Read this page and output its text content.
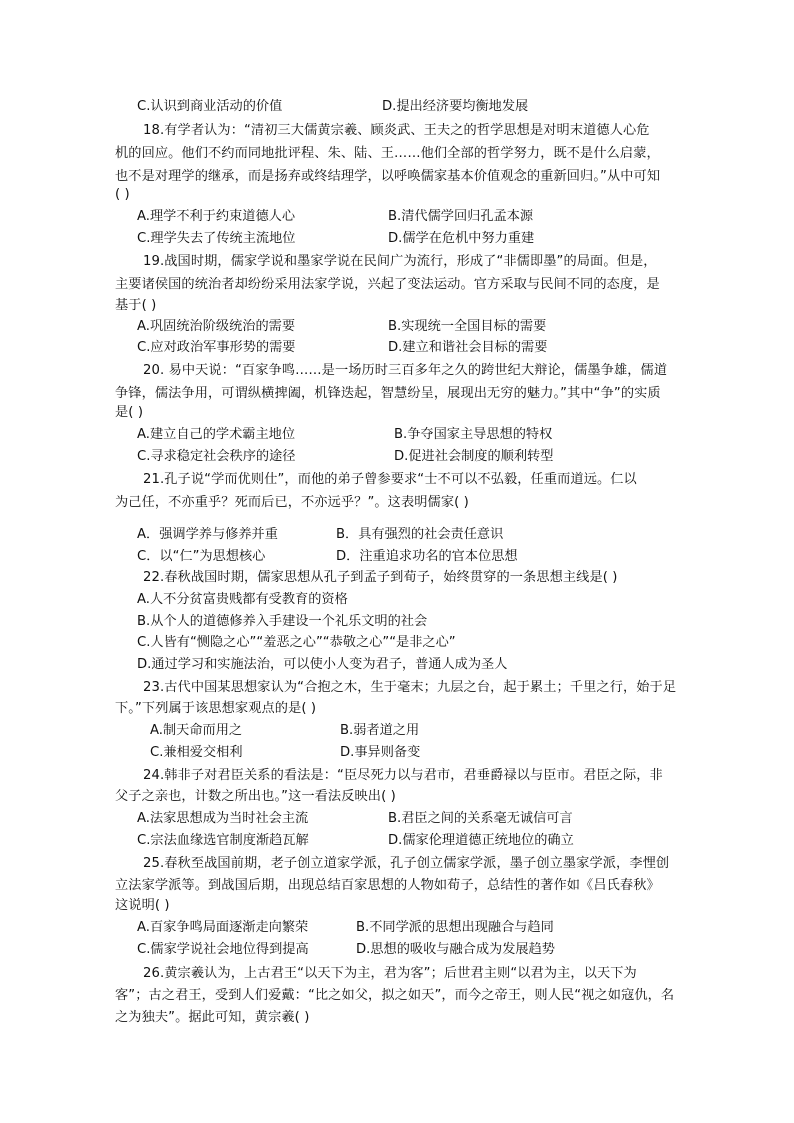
C.认识到商业活动的价值	D.提出经济要均衡地发展
18.有学者认为：“清初三大儒黄宗羲、顾炎武、王夫之的哲学思想是对明末道德人心危
机的回应。他们不约而同地批评程、朱、陆、王……他们全部的哲学努力，既不是什么启蒙，
也不是对理学的继承，而是扬弃或终结理学，以呼唤儒家基本价值观念的重新回归。”从中可知
( )
A.理学不利于约束道德人心	B.清代儒学回归孔孟本源
C.理学失去了传统主流地位	D.儒学在危机中努力重建
19.战国时期，儒家学说和墨家学说在民间广为流行，形成了“非儒即墨”的局面。但是，
主要诸侯国的统治者却纷纷采用法家学说，兴起了变法运动。官方采取与民间不同的态度，是
基于( )
A.巩固统治阶级统治的需要	B.实现统一全国目标的需要
C.应对政治军事形势的需要	D.建立和谐社会目标的需要
20. 易中天说：“百家争鸣……是一场历时三百多年之久的跨世纪大辩论，儒墨争雄，儒道
争锋，儒法争用，可谓纵横捭阖，机锋迭起，智慧纷呈，展现出无穷的魅力。”其中“争”的实质
是( )
A.建立自己的学术霸主地位	B.争夺国家主导思想的特权
C.寻求稳定社会秩序的途径	D.促进社会制度的顺利转型
21.孔子说“学而优则仕”，而他的弟子曾参要求“士不可以不弘毅，任重而道远。仁以
为己任，不亦重乎？死而后已，不亦远乎？”。这表明儒家( )
A．强调学养与修养并重	B．具有强烈的社会责任意识
C．以“仁”为思想核心	D．注重追求功名的官本位思想
22.春秋战国时期，儒家思想从孔子到孟子到荀子，始终贯穿的一条思想主线是( )
A.人不分贫富贵贱都有受教育的资格
B.从个人的道德修养入手建设一个礼乐文明的社会
C.人皆有“恻隐之心”“羞恶之心”“恭敬之心”“是非之心”
D.通过学习和实施法治，可以使小人变为君子，普通人成为圣人
23.古代中国某思想家认为“合抱之木，生于毫末；九层之台，起于累土；千里之行，始于足
下。”下列属于该思想家观点的是( )
A.制天命而用之	B.弱者道之用
C.兼相爱交相利	D.事异则备变
24.韩非子对君臣关系的看法是：“臣尽死力以与君市，君垂爵禄以与臣市。君臣之际，非
父子之亲也，计数之所出也。”这一看法反映出( )
A.法家思想成为当时社会主流	B.君臣之间的关系毫无诚信可言
C.宗法血缘选官制度渐趋瓦解	D.儒家伦理道德正统地位的确立
25.春秋至战国前期，老子创立道家学派，孔子创立儒家学派，墨子创立墨家学派，李悝创
立法家学派等。到战国后期，出现总结百家思想的人物如荀子，总结性的著作如《吕氏春秋》
这说明( )
A.百家争鸣局面逐渐走向繁荣	B.不同学派的思想出现融合与趋同
C.儒家学说社会地位得到提高	D.思想的吸收与融合成为发展趋势
26.黄宗羲认为，上古君王“以天下为主，君为客”；后世君主则“以君为主，以天下为
客”；古之君王，受到人们爱戴：“比之如父，拟之如天”，而今之帝王，则人民“视之如寇仇，名
之为独夫”。据此可知，黄宗羲( )
